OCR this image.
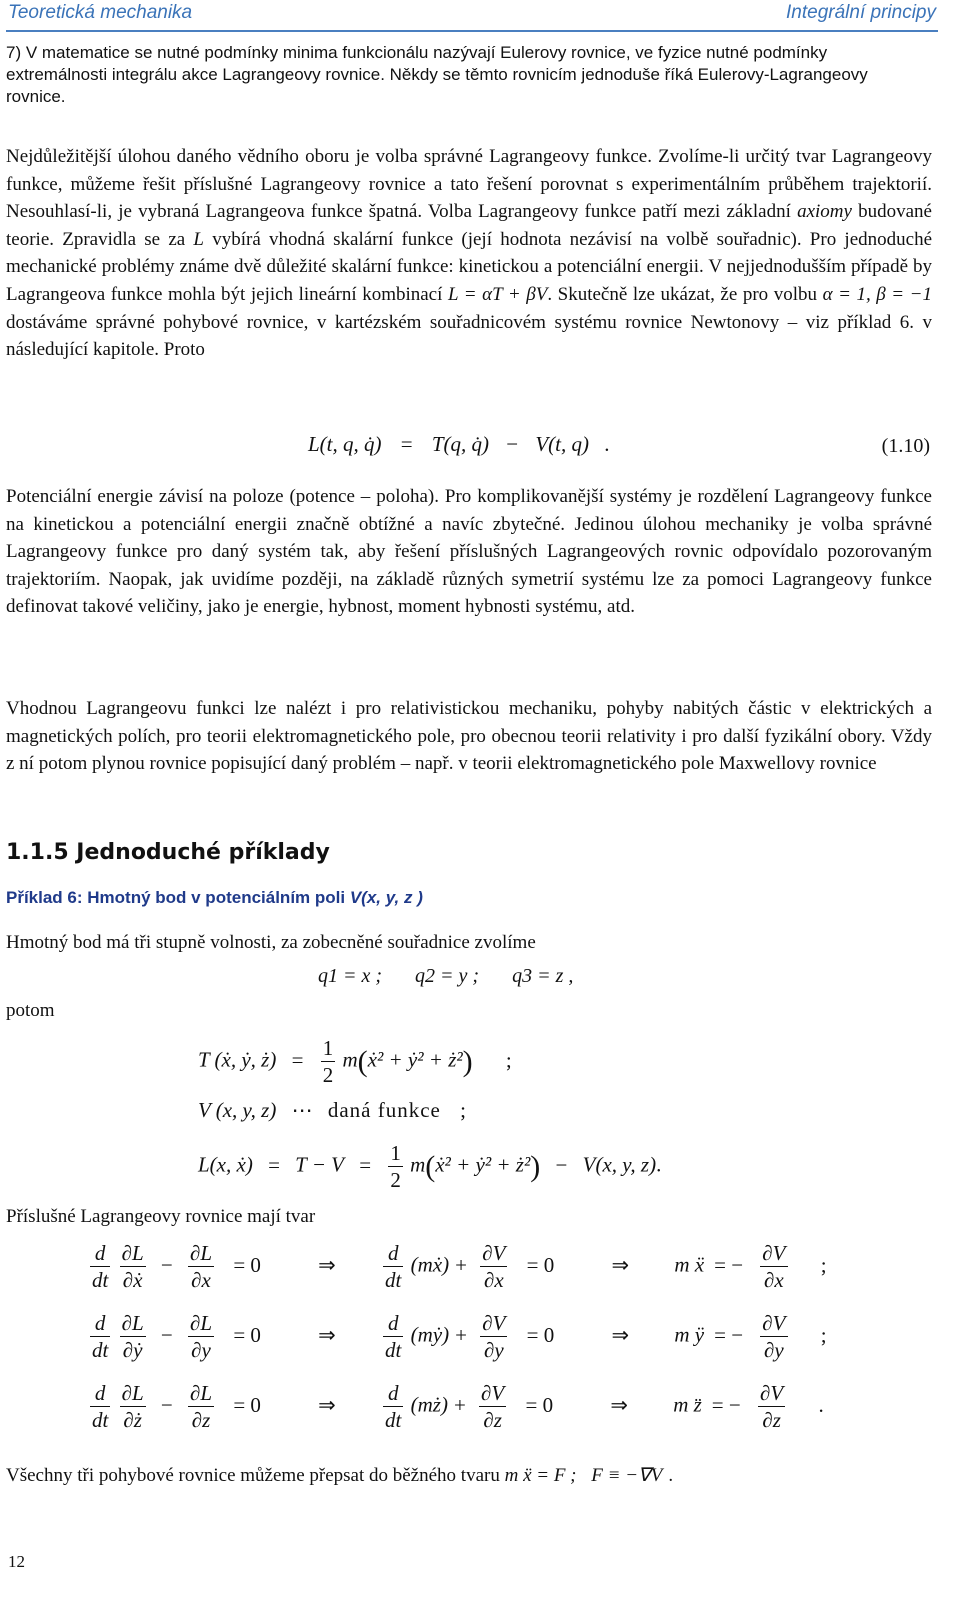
Teoretická mechanika	Integrální principy
7) V matematice se nutné podmínky minima funkcionálu nazývají Eulerovy rovnice, ve fyzice nutné podmínky extremálnosti integrálu akce Lagrangeovy rovnice. Někdy se těmto rovnicím jednoduše říká Eulerovy-Lagrangeovy rovnice.
Nejdůležitější úlohou daného vědního oboru je volba správné Lagrangeovy funkce. Zvolíme-li určitý tvar Lagrangeovy funkce, můžeme řešit příslušné Lagrangeovy rovnice a tato řešení porovnat s experimentálním průběhem trajektorií. Nesouhlasí-li, je vybraná Lagrangeova funkce špatná. Volba Lagrangeovy funkce patří mezi základní axiomy budované teorie. Zpravidla se za L vybírá vhodná skalární funkce (její hodnota nezávisí na volbě souřadnic). Pro jednoduché mechanické problémy známe dvě důležité skalární funkce: kinetickou a potenciální energii. V nejjednodušším případě by Lagrangeova funkce mohla být jejich lineární kombinací L = αT + βV. Skutečně lze ukázat, že pro volbu α = 1, β = −1 dostáváme správné pohybové rovnice, v kartézském souřadnicovém systému rovnice Newtonovy – viz příklad 6. v následující kapitole. Proto
L(t, q, q̇) = T(q, q̇) − V(t, q) .	(1.10)
Potenciální energie závisí na poloze (potence – poloha). Pro komplikovanější systémy je rozdělení Lagrangeovy funkce na kinetickou a potenciální energii značně obtížné a navíc zbytečné. Jedinou úlohou mechaniky je volba správné Lagrangeovy funkce pro daný systém tak, aby řešení příslušných Lagrangeových rovnic odpovídalo pozorovaným trajektoriím. Naopak, jak uvidíme později, na základě různých symetrií systému lze za pomoci Lagrangeovy funkce definovat takové veličiny, jako je energie, hybnost, moment hybnosti systému, atd.
Vhodnou Lagrangeovu funkci lze nalézt i pro relativistickou mechaniku, pohyby nabitých částic v elektrických a magnetických polích, pro teorii elektromagnetického pole, pro obecnou teorii relativity i pro další fyzikální obory. Vždy z ní potom plynou rovnice popisující daný problém – např. v teorii elektromagnetického pole Maxwellovy rovnice
1.1.5 Jednoduché příklady
Příklad 6: Hmotný bod v potenciálním poli V(x, y, z )
Hmotný bod má tři stupně volnosti, za zobecněné souřadnice zvolíme
q1 = x ; q2 = y ; q3 = z ,
potom
T (ẋ, ẏ, ż) = $\frac{1}{2}$ m(ẋ² + ẏ² + ż²) ;
V (x, y, z) ⋯ daná funkce ;
L(x, ẋ) = $T - V = \frac{1}{2}$ m(ẋ² + ẏ² + ż²) − V(x, y, z).
Příslušné Lagrangeovy rovnice mají tvar
$\frac{d}{dt}$
$\frac{\partial L}{\text{∂ẋ}} - \frac{\partial L}{\partial x} = 0$	⇒ $\frac{d}{dt}$ (mẋ) + $\frac{\partial V}{\partial x} = 0$	⇒ m ẍ = − $\frac{\partial V}{\partial x}$ ;
$\frac{d}{dt}$
$\frac{\partial L}{\text{∂ẏ}} - \frac{\partial L}{\partial y} = 0$	⇒ $\frac{d}{dt}$ (mẏ) + $\frac{\partial V}{\partial y} = 0$	⇒ m ÿ = − $\frac{\partial V}{\partial y}$ ;
$\frac{d}{dt}$
$\frac{\partial L}{\partial ż} - \frac{\partial L}{\partial z} = 0$	⇒ $\frac{d}{dt}$ (mż) + $\frac{\partial V}{\partial z} = 0$	⇒ m z̈ = − $\frac{\partial V}{\partial z}$ .
Všechny tři pohybové rovnice můžeme přepsat do běžného tvaru m ẍ = F ; F ≡ −∇V .
12
